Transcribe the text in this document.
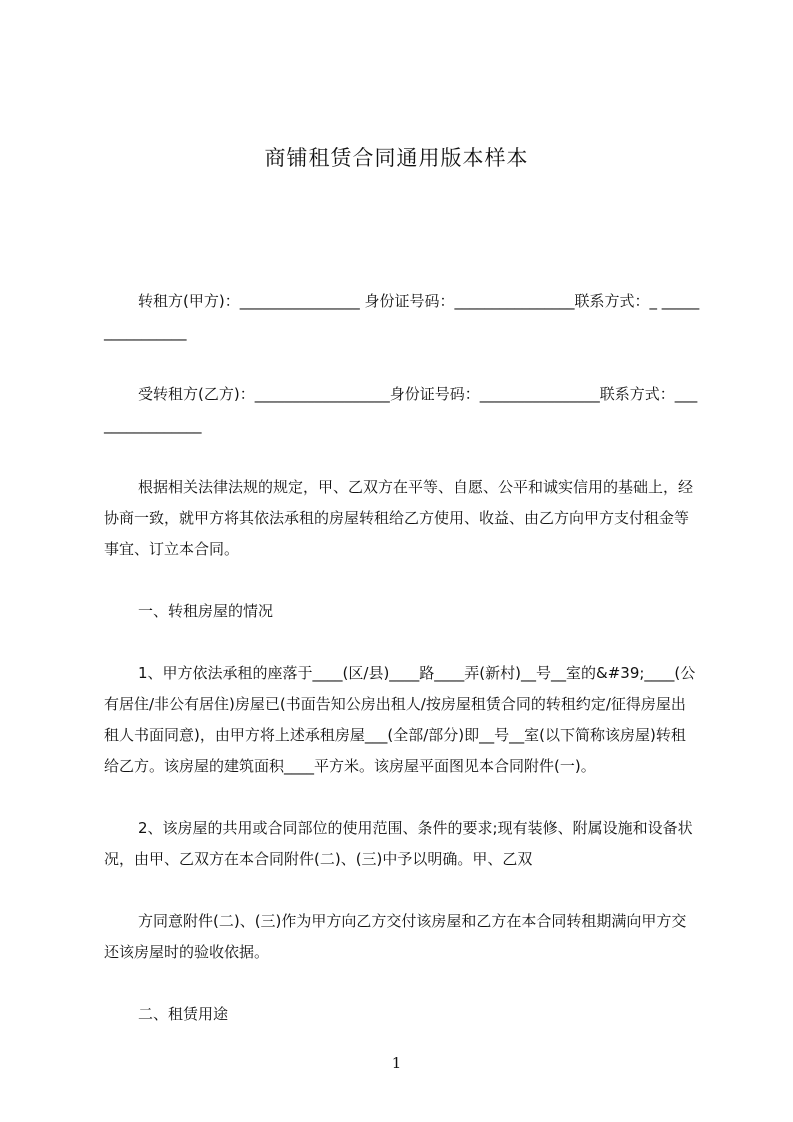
商铺租赁合同通用版本样本

转租方(甲方)：________________ 身份证号码：________________联系方式：_ ________________

受转租方(乙方)：__________________身份证号码：________________联系方式：________________

根据相关法律法规的规定，甲、乙双方在平等、自愿、公平和诚实信用的基础上，经协商一致，就甲方将其依法承租的房屋转租给乙方使用、收益、由乙方向甲方支付租金等事宜、订立本合同。

一、转租房屋的情况

1、甲方依法承租的座落于____(区/县)____路____弄(新村)__号__室的&#39;____(公有居住/非公有居住)房屋已(书面告知公房出租人/按房屋租赁合同的转租约定/征得房屋出租人书面同意)，由甲方将上述承租房屋___(全部/部分)即__号__室(以下简称该房屋)转租给乙方。该房屋的建筑面积____平方米。该房屋平面图见本合同附件(一)。

2、该房屋的共用或合同部位的使用范围、条件的要求;现有装修、附属设施和设备状况，由甲、乙双方在本合同附件(二)、(三)中予以明确。甲、乙双

方同意附件(二)、(三)作为甲方向乙方交付该房屋和乙方在本合同转租期满向甲方交还该房屋时的验收依据。

二、租赁用途

1
